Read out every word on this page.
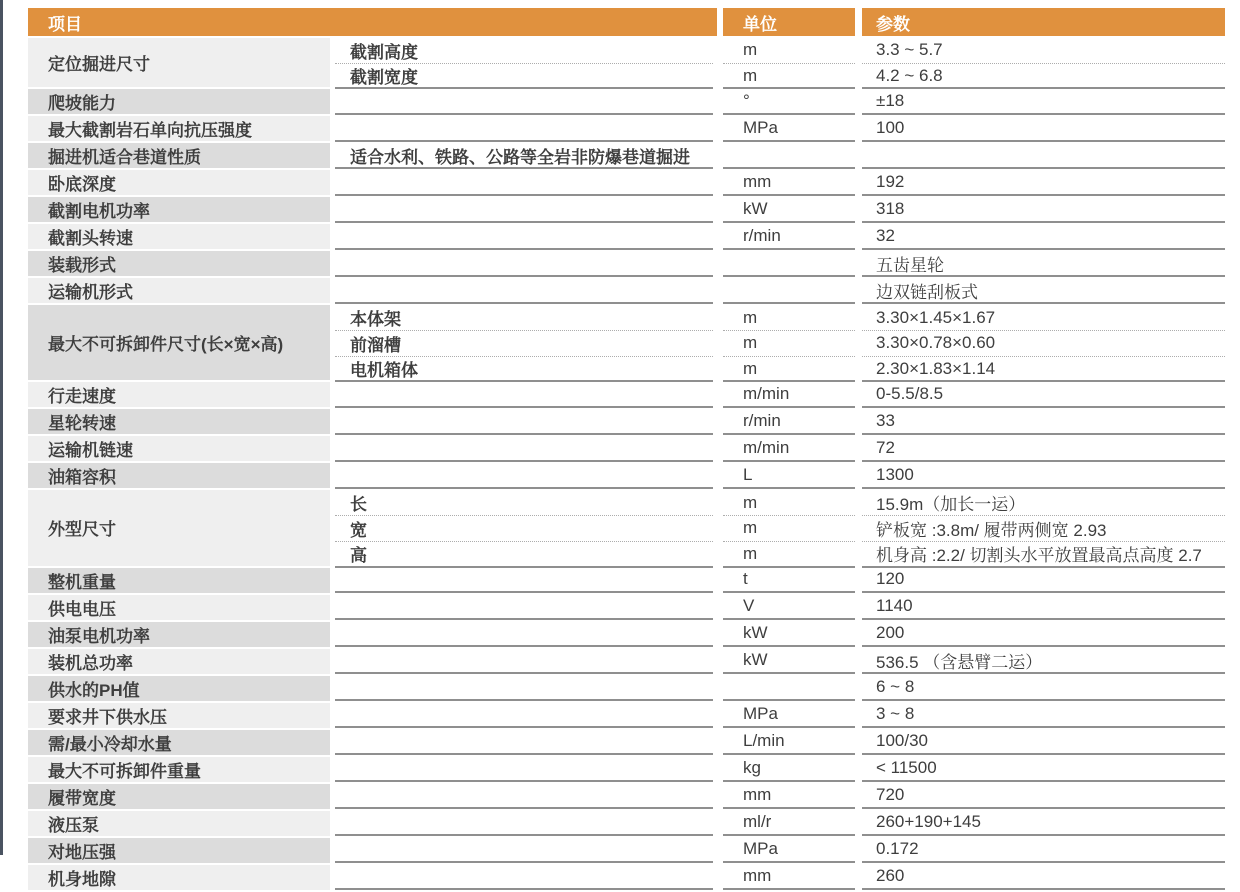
项目	单位	参数
定位掘进尺寸
截割高度	m	3.3 ~ 5.7
截割宽度	m	4.2 ~ 6.8
爬坡能力	°	±18
最大截割岩石单向抗压强度	MPa	100
掘进机适合巷道性质	适合水利、铁路、公路等全岩非防爆巷道掘进
卧底深度	mm	192
截割电机功率	kW	318
截割头转速	r/min	32
装载形式	五齿星轮
运输机形式	边双链刮板式
最大不可拆卸件尺寸(长×宽×高)
本体架	m	3.30×1.45×1.67
前溜槽	m	3.30×0.78×0.60
电机箱体	m	2.30×1.83×1.14
行走速度	m/min	0-5.5/8.5
星轮转速	r/min	33
运输机链速	m/min	72
油箱容积	L	1300
外型尺寸
长	m	15.9m（加长一运）
宽	m	铲板宽 :3.8m/ 履带两侧宽 2.93
高	m	机身高 :2.2/ 切割头水平放置最高点高度 2.7
整机重量	t	120
供电电压	V	1140
油泵电机功率	kW	200
装机总功率	kW	536.5 （含悬臂二运）
供水的PH值	6 ~ 8
要求井下供水压	MPa	3 ~ 8
需/最小冷却水量	L/min	100/30
最大不可拆卸件重量	kg	< 11500
履带宽度	mm	720
液压泵	ml/r	260+190+145
对地压强	MPa	0.172
机身地隙	mm	260
